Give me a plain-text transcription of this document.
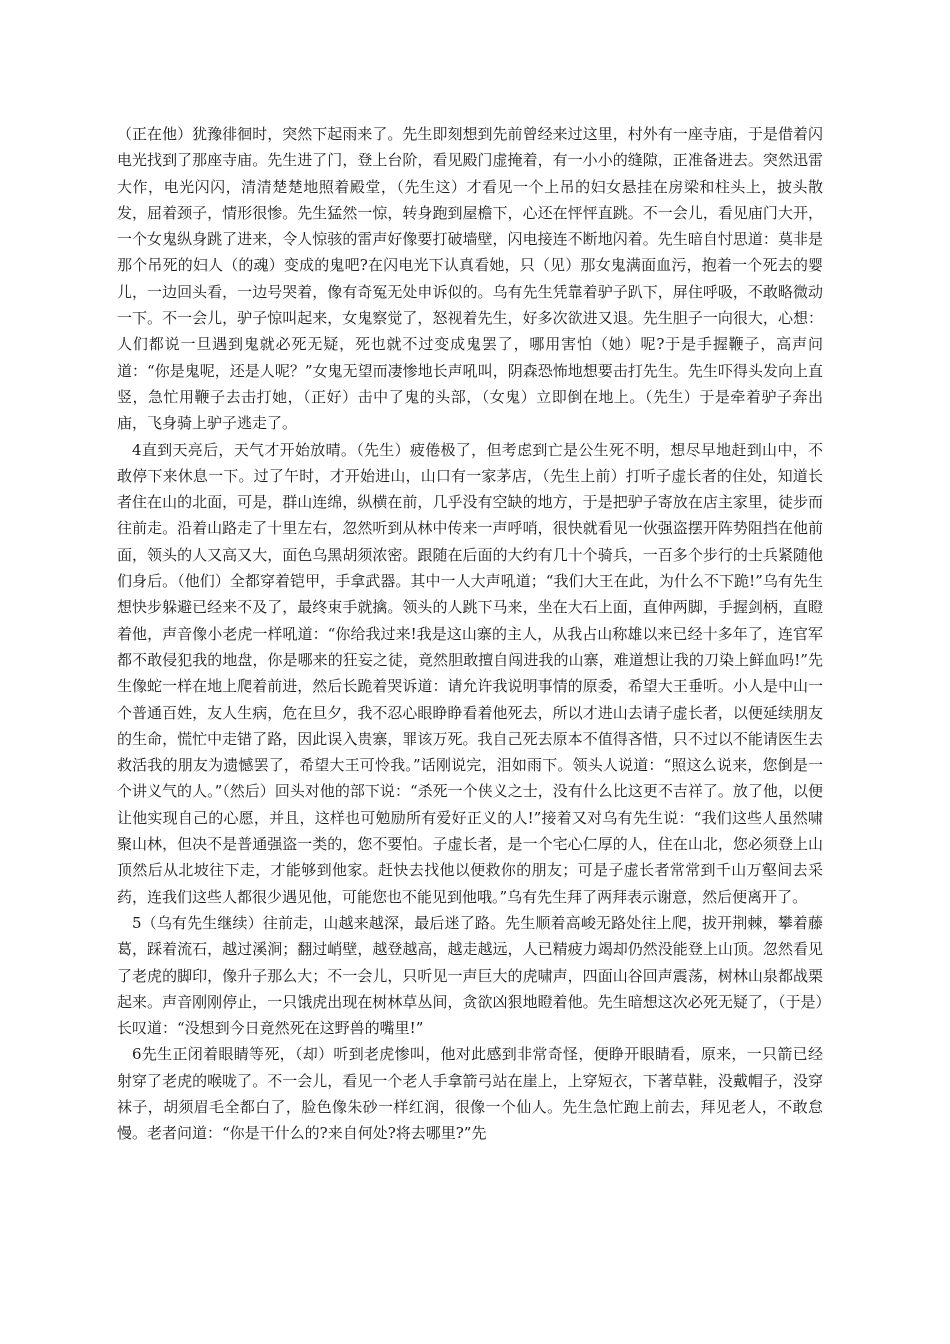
（正在他）犹豫徘徊时，突然下起雨来了。先生即刻想到先前曾经来过这里，村外有一座寺庙，于是借着闪电光找到了那座寺庙。先生进了门，登上台阶，看见殿门虚掩着，有一小小的缝隙，正准备进去。突然迅雷大作，电光闪闪，清清楚楚地照着殿堂，（先生这）才看见一个上吊的妇女悬挂在房梁和柱头上，披头散发，屈着颈子，情形很惨。先生猛然一惊，转身跑到屋檐下，心还在怦怦直跳。不一会儿，看见庙门大开，一个女鬼纵身跳了进来，令人惊骇的雷声好像要打破墙壁，闪电接连不断地闪着。先生暗自忖思道：莫非是那个吊死的妇人（的魂）变成的鬼吧?在闪电光下认真看她，只（见）那女鬼满面血污，抱着一个死去的婴儿，一边回头看，一边号哭着，像有奇冤无处申诉似的。乌有先生凭靠着驴子趴下，屏住呼吸，不敢略微动一下。不一会儿，驴子惊叫起来，女鬼察觉了，怒视着先生，好多次欲进又退。先生胆子一向很大，心想：人们都说一旦遇到鬼就必死无疑，死也就不过变成鬼罢了，哪用害怕（她）呢?于是手握鞭子，高声问道：“你是鬼呢，还是人呢？”女鬼无望而凄惨地长声吼叫，阴森恐怖地想要击打先生。先生吓得头发向上直竖，急忙用鞭子去击打她，（正好）击中了鬼的头部，（女鬼）立即倒在地上。（先生）于是牵着驴子奔出庙，飞身骑上驴子逃走了。

4直到天亮后，天气才开始放晴。（先生）疲倦极了，但考虑到亡是公生死不明，想尽早地赶到山中，不敢停下来休息一下。过了午时，才开始进山，山口有一家茅店，（先生上前）打听子虚长者的住处，知道长者住在山的北面，可是，群山连绵，纵横在前，几乎没有空缺的地方，于是把驴子寄放在店主家里，徒步而往前走。沿着山路走了十里左右，忽然听到从林中传来一声呼哨，很快就看见一伙强盗摆开阵势阻挡在他前面，领头的人又高又大，面色乌黑胡须浓密。跟随在后面的大约有几十个骑兵，一百多个步行的士兵紧随他们身后。（他们）全都穿着铠甲，手拿武器。其中一人大声吼道；“我们大王在此，为什么不下跪!”乌有先生想快步躲避已经来不及了，最终束手就擒。领头的人跳下马来，坐在大石上面，直伸两脚，手握剑柄，直瞪着他，声音像小老虎一样吼道：“你给我过来!我是这山寨的主人，从我占山称雄以来已经十多年了，连官军都不敢侵犯我的地盘，你是哪来的狂妄之徒，竟然胆敢擅自闯进我的山寨，难道想让我的刀染上鲜血吗!”先生像蛇一样在地上爬着前进，然后长跪着哭诉道：请允许我说明事情的原委，希望大王垂听。小人是中山一个普通百姓，友人生病，危在旦夕，我不忍心眼睁睁看着他死去，所以才进山去请子虚长者，以便延续朋友的生命，慌忙中走错了路，因此误入贵寨，罪该万死。我自己死去原本不值得吝惜，只不过以不能请医生去救活我的朋友为遗憾罢了，希望大王可怜我。”话刚说完，泪如雨下。领头人说道：“照这么说来，您倒是一个讲义气的人。”（然后）回头对他的部下说：“杀死一个侠义之士，没有什么比这更不吉祥了。放了他，以便让他实现自己的心愿，并且，这样也可勉励所有爱好正义的人!”接着又对乌有先生说：“我们这些人虽然啸聚山林，但决不是普通强盗一类的，您不要怕。子虚长者，是一个宅心仁厚的人，住在山北，您必须登上山顶然后从北坡往下走，才能够到他家。赶快去找他以便救你的朋友；可是子虚长者常常到千山万壑间去采药，连我们这些人都很少遇见他，可能您也不能见到他哦。”乌有先生拜了两拜表示谢意，然后便离开了。

5（乌有先生继续）往前走，山越来越深，最后迷了路。先生顺着高峻无路处往上爬，拔开荆棘，攀着藤葛，踩着流石，越过溪涧；翻过峭壁，越登越高，越走越远，人已精疲力竭却仍然没能登上山顶。忽然看见了老虎的脚印，像升子那么大；不一会儿，只听见一声巨大的虎啸声，四面山谷回声震荡，树林山泉都战栗起来。声音刚刚停止，一只饿虎出现在树林草丛间，贪欲凶狠地瞪着他。先生暗想这次必死无疑了，（于是）长叹道：“没想到今日竟然死在这野兽的嘴里!”

6先生正闭着眼睛等死，（却）听到老虎惨叫，他对此感到非常奇怪，便睁开眼睛看，原来，一只箭已经射穿了老虎的喉咙了。不一会儿，看见一个老人手拿箭弓站在崖上，上穿短衣，下著草鞋，没戴帽子，没穿袜子，胡须眉毛全都白了，脸色像朱砂一样红润，很像一个仙人。先生急忙跑上前去，拜见老人，不敢怠慢。老者问道：“你是干什么的?来自何处?将去哪里?”先
